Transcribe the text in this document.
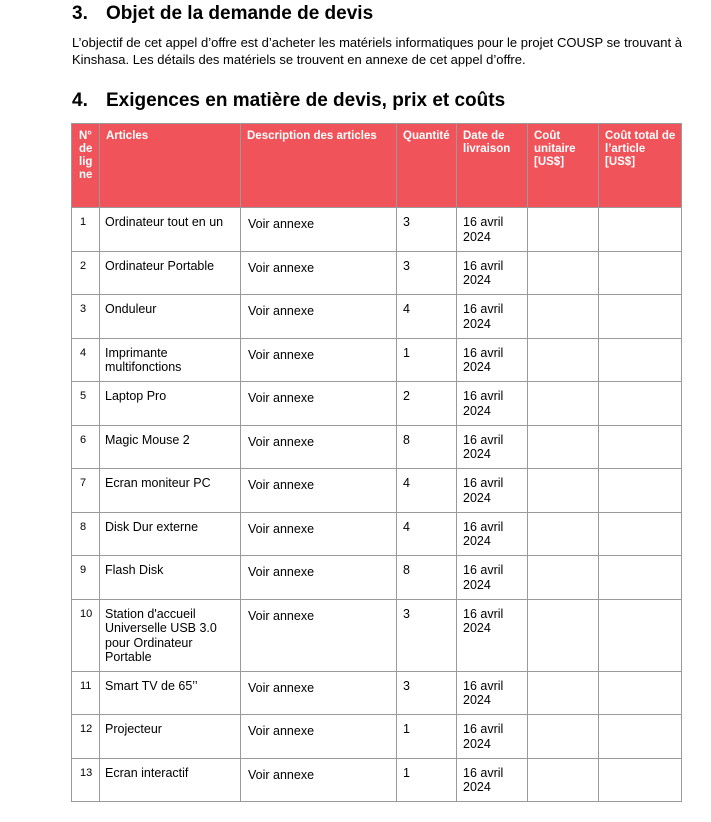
3. Objet de la demande de devis

L’objectif de cet appel d’offre est d’acheter les matériels informatiques pour le projet COUSP se trouvant à Kinshasa. Les détails des matériels se trouvent en annexe de cet appel d’offre.

4. Exigences en matière de devis, prix et coûts
N° de ligne	Articles	Description des articles	Quantité	Date de livraison	Coût unitaire [US$]	Coût total de l’article [US$]
1	Ordinateur tout en un	Voir annexe	3	16 avril 2024		
2	Ordinateur Portable	Voir annexe	3	16 avril 2024		
3	Onduleur	Voir annexe	4	16 avril 2024		
4	Imprimante multifonctions	Voir annexe	1	16 avril 2024		
5	Laptop Pro	Voir annexe	2	16 avril 2024		
6	Magic Mouse 2	Voir annexe	8	16 avril 2024		
7	Ecran moniteur PC	Voir annexe	4	16 avril 2024		
8	Disk Dur externe	Voir annexe	4	16 avril 2024		
9	Flash Disk	Voir annexe	8	16 avril 2024		
10	Station d'accueil Universelle USB 3.0 pour Ordinateur Portable	Voir annexe	3	16 avril 2024		
11	Smart TV de 65’’	Voir annexe	3	16 avril 2024		
12	Projecteur	Voir annexe	1	16 avril 2024		
13	Ecran interactif	Voir annexe	1	16 avril 2024		
